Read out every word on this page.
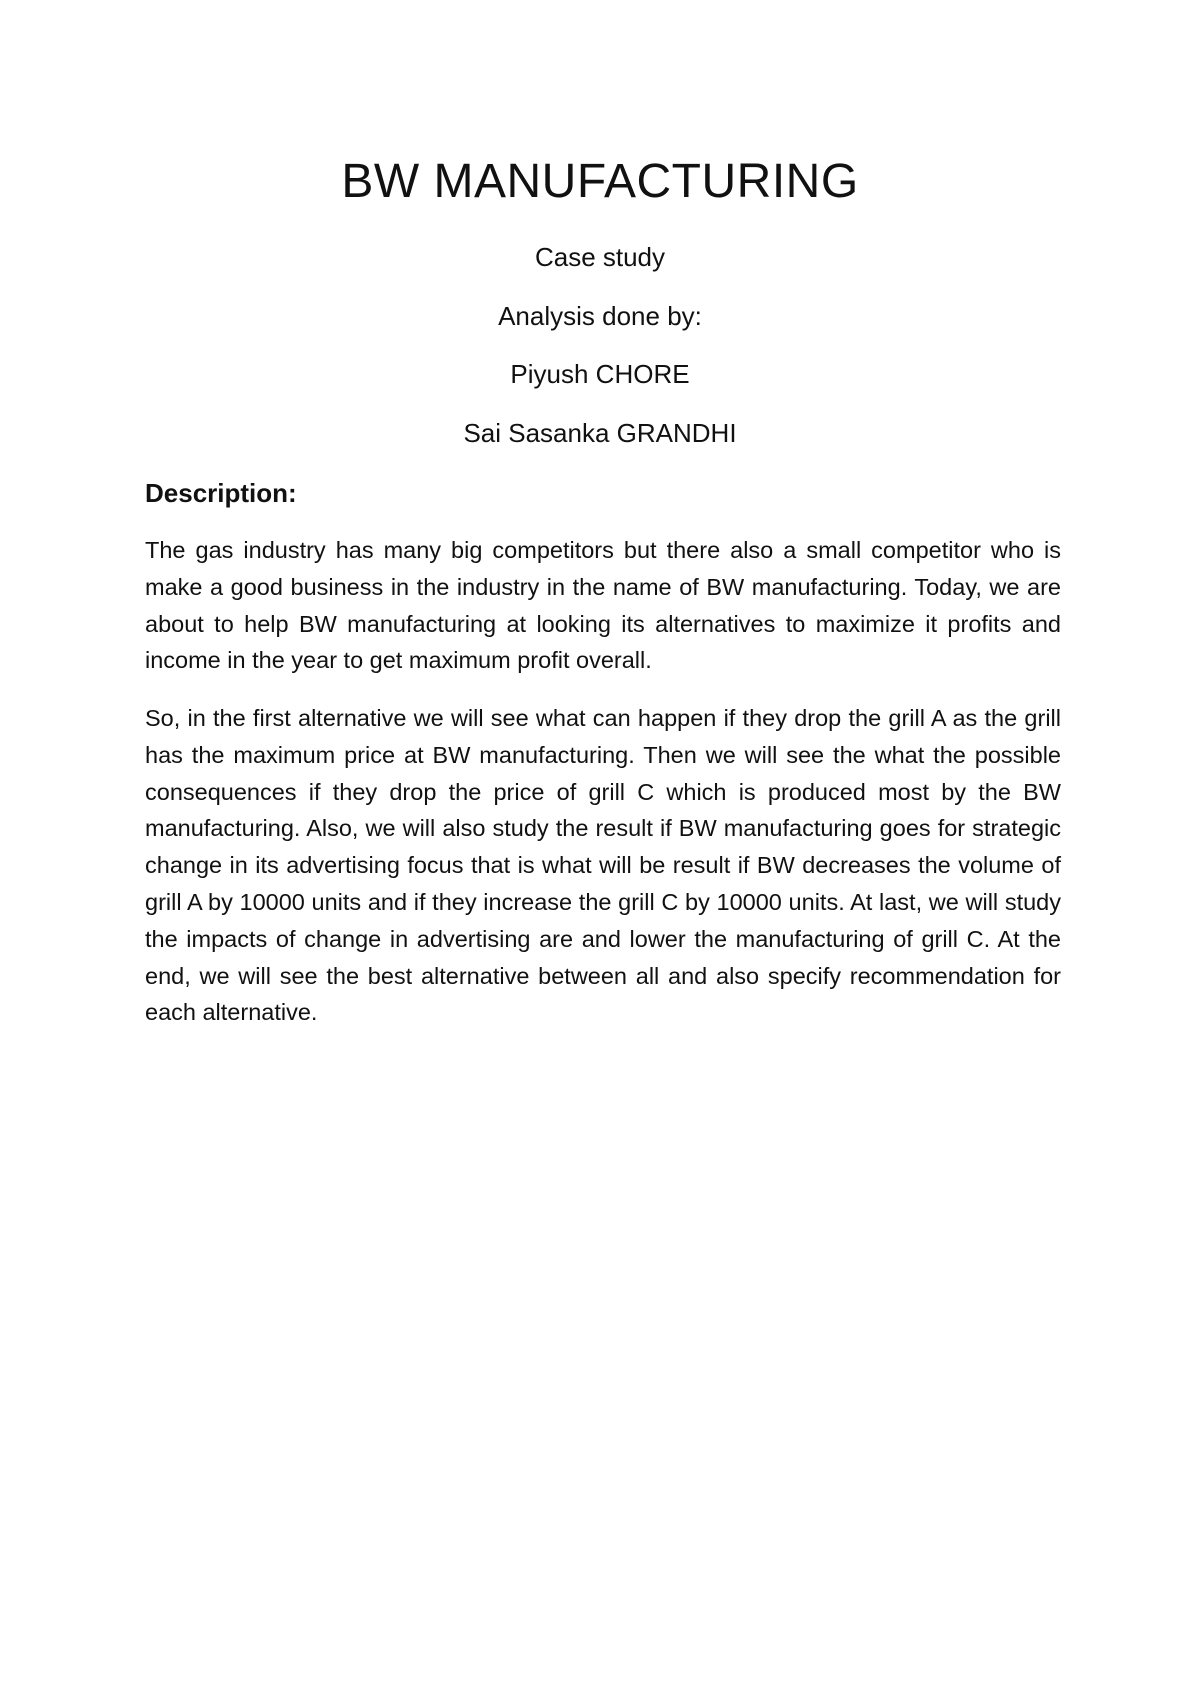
BW MANUFACTURING

Case study

Analysis done by:

Piyush CHORE

Sai Sasanka GRANDHI

Description:

The gas industry has many big competitors but there also a small competitor who is make a good business in the industry in the name of BW manufacturing. Today, we are about to help BW manufacturing at looking its alternatives to maximize it profits and income in the year to get maximum profit overall.

So, in the first alternative we will see what can happen if they drop the grill A as the grill has the maximum price at BW manufacturing. Then we will see the what the possible consequences if they drop the price of grill C which is produced most by the BW manufacturing. Also, we will also study the result if BW manufacturing goes for strategic change in its advertising focus that is what will be result if BW decreases the volume of grill A by 10000 units and if they increase the grill C by 10000 units. At last, we will study the impacts of change in advertising are and lower the manufacturing of grill C. At the end, we will see the best alternative between all and also specify recommendation for each alternative.
